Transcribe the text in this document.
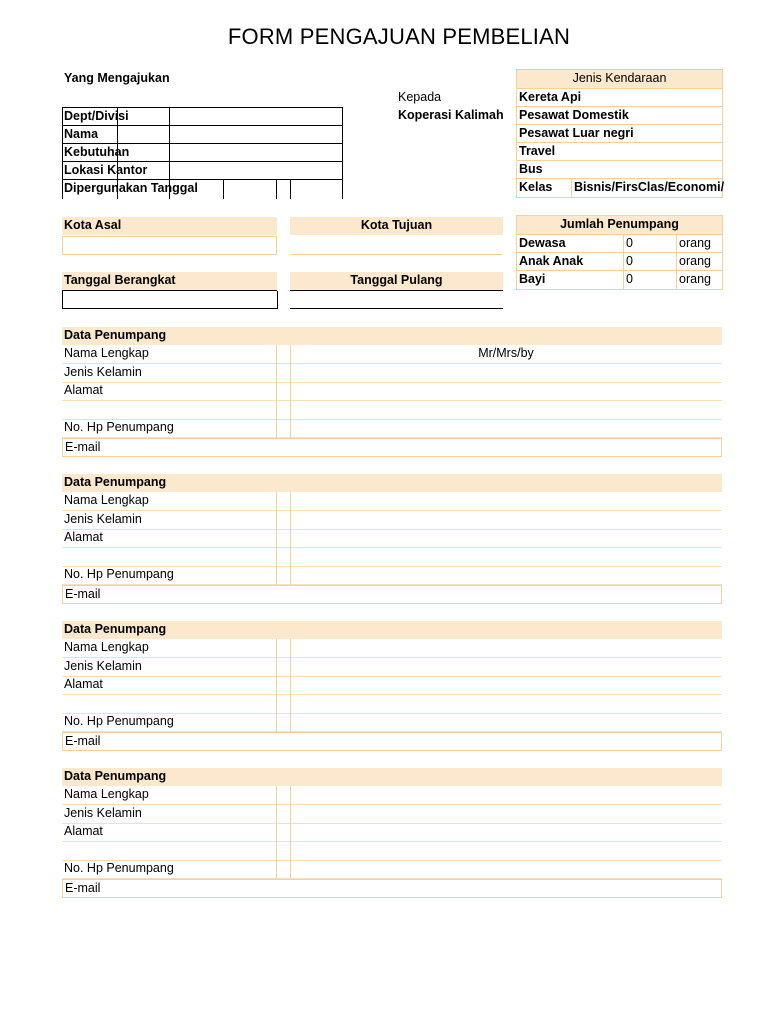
FORM PENGAJUAN PEMBELIAN
Yang Mengajukan
Dept/Divisi
Nama
Kebutuhan
Lokasi Kantor
Dipergunakan Tanggal
Kepada
Koperasi Kalimah
Jenis Kendaraan
Kereta Api
Pesawat Domestik
Pesawat Luar negri
Travel
Bus
Kelas Bisnis/FirsClas/Economi/
Kota Asal	Kota Tujuan
Tanggal Berangkat	Tanggal Pulang
Jumlah Penumpang
Dewasa	0	orang
Anak Anak	0	orang
Bayi	0	orang
Data Penumpang
Nama Lengkap	Mr/Mrs/by
Jenis Kelamin
Alamat
No. Hp Penumpang
E-mail
Data Penumpang
Nama Lengkap
Jenis Kelamin
Alamat
No. Hp Penumpang
E-mail
Data Penumpang
Nama Lengkap
Jenis Kelamin
Alamat
No. Hp Penumpang
E-mail
Data Penumpang
Nama Lengkap
Jenis Kelamin
Alamat
No. Hp Penumpang
E-mail
